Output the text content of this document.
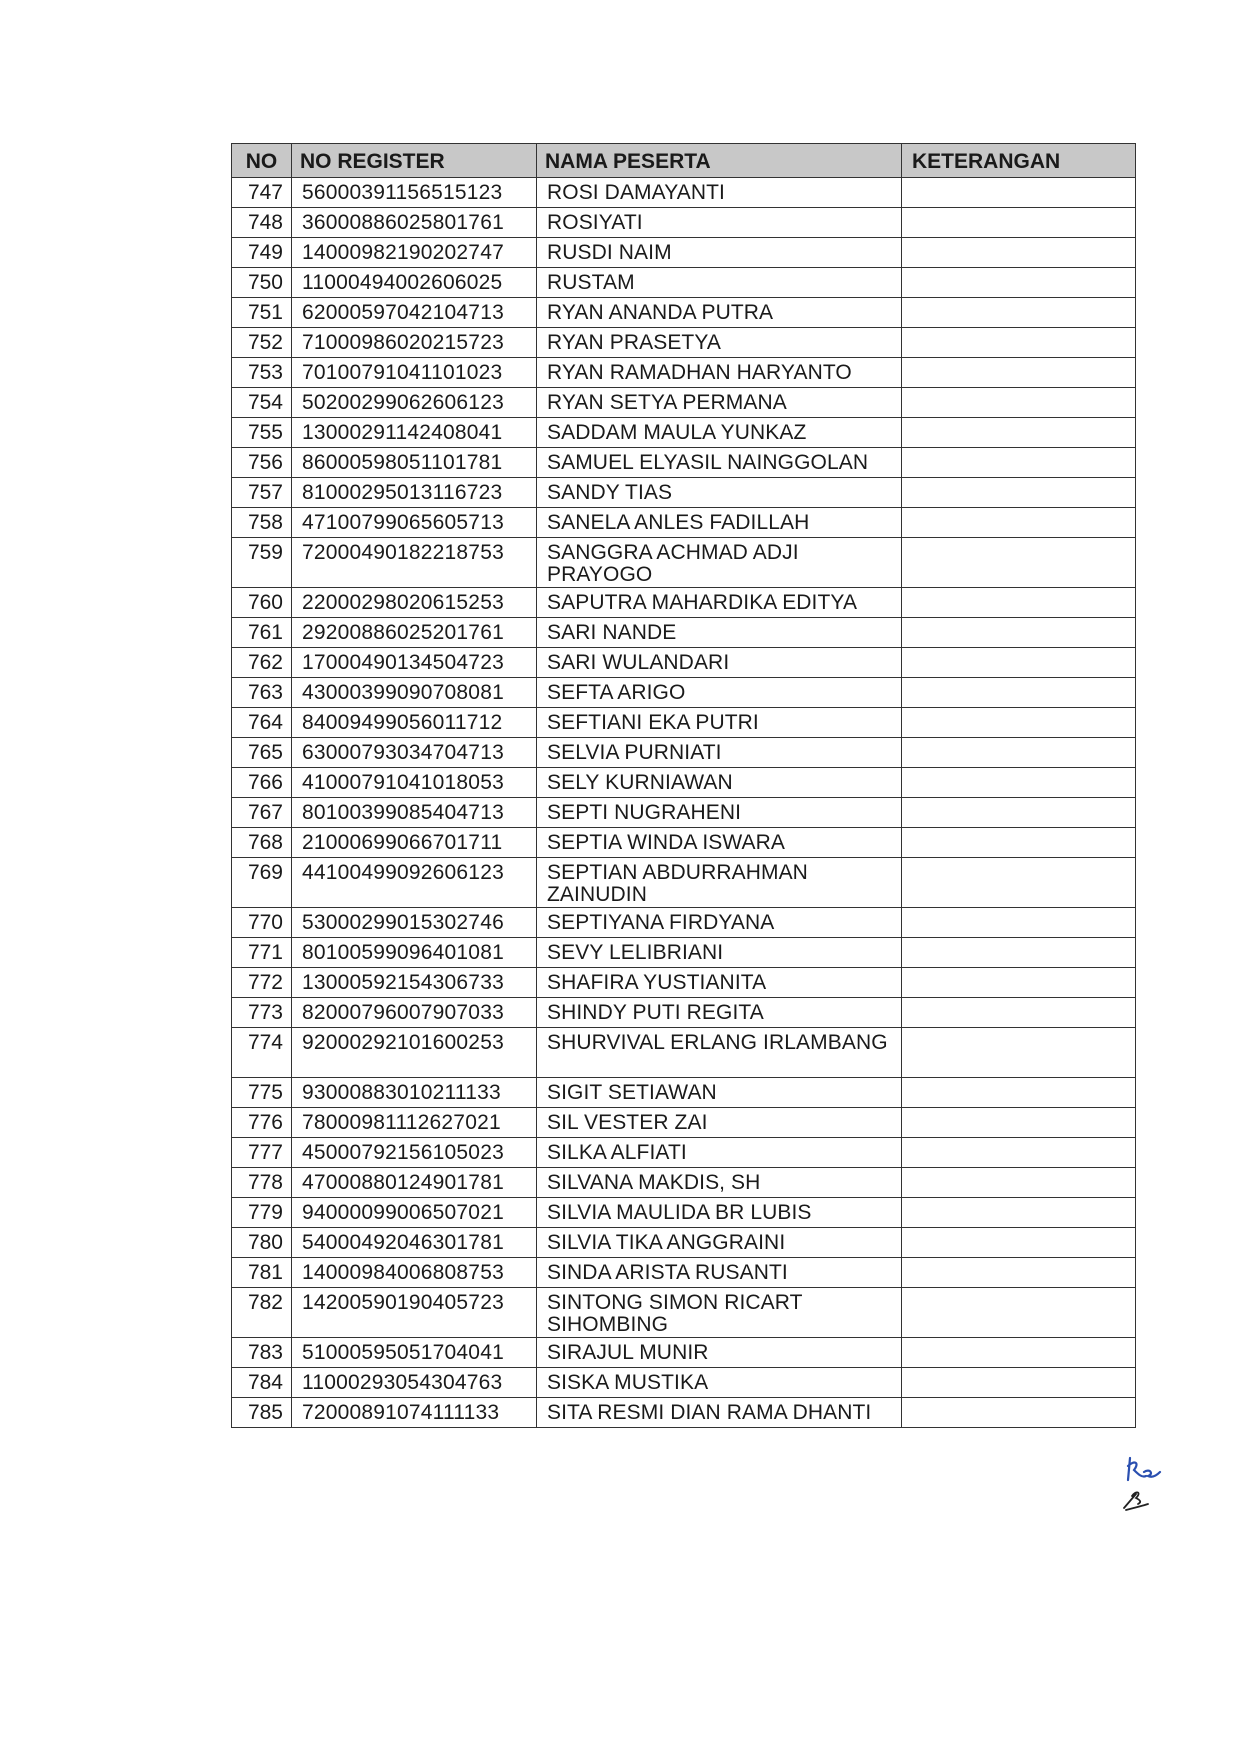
NO	NO REGISTER	NAMA PESERTA	KETERANGAN
747	56000391156515123	ROSI DAMAYANTI	
748	36000886025801761	ROSIYATI	
749	14000982190202747	RUSDI NAIM	
750	11000494002606025	RUSTAM	
751	62000597042104713	RYAN ANANDA PUTRA	
752	71000986020215723	RYAN PRASETYA	
753	70100791041101023	RYAN RAMADHAN HARYANTO	
754	50200299062606123	RYAN SETYA PERMANA	
755	13000291142408041	SADDAM MAULA YUNKAZ	
756	86000598051101781	SAMUEL ELYASIL NAINGGOLAN	
757	81000295013116723	SANDY TIAS	
758	47100799065605713	SANELA ANLES FADILLAH	
759	72000490182218753	SANGGRA ACHMAD ADJI PRAYOGO	
760	22000298020615253	SAPUTRA MAHARDIKA EDITYA	
761	29200886025201761	SARI NANDE	
762	17000490134504723	SARI WULANDARI	
763	43000399090708081	SEFTA ARIGO	
764	84009499056011712	SEFTIANI EKA PUTRI	
765	63000793034704713	SELVIA PURNIATI	
766	41000791041018053	SELY KURNIAWAN	
767	80100399085404713	SEPTI NUGRAHENI	
768	21000699066701711	SEPTIA WINDA ISWARA	
769	44100499092606123	SEPTIAN ABDURRAHMAN ZAINUDIN	
770	53000299015302746	SEPTIYANA FIRDYANA	
771	80100599096401081	SEVY LELIBRIANI	
772	13000592154306733	SHAFIRA YUSTIANITA	
773	82000796007907033	SHINDY PUTI REGITA	
774	92000292101600253	SHURVIVAL ERLANG IRLAMBANG	
775	93000883010211133	SIGIT SETIAWAN	
776	78000981112627021	SIL VESTER ZAI	
777	45000792156105023	SILKA ALFIATI	
778	47000880124901781	SILVANA MAKDIS, SH	
779	94000099006507021	SILVIA MAULIDA BR LUBIS	
780	54000492046301781	SILVIA TIKA ANGGRAINI	
781	14000984006808753	SINDA ARISTA RUSANTI	
782	14200590190405723	SINTONG SIMON RICART SIHOMBING	
783	51000595051704041	SIRAJUL MUNIR	
784	11000293054304763	SISKA MUSTIKA	
785	72000891074111133	SITA RESMI DIAN RAMA DHANTI	
